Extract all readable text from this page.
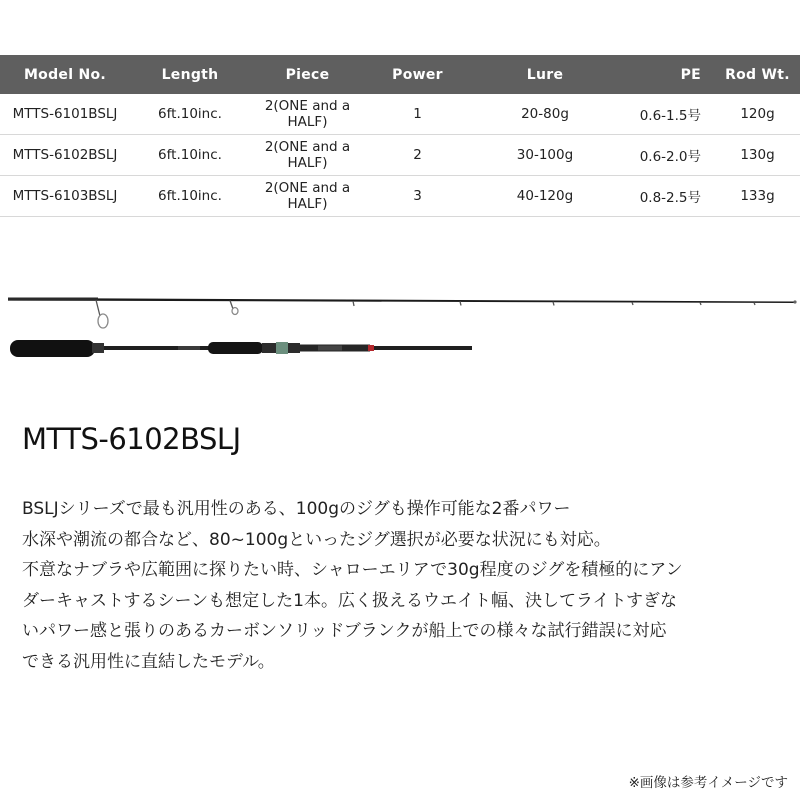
Model No.	Length	Piece	Power	Lure	PE	Rod Wt.
MTTS-6101BSLJ	6ft.10inc.	2(ONE and a HALF)	1	20-80g	0.6-1.5号	120g
MTTS-6102BSLJ	6ft.10inc.	2(ONE and a HALF)	2	30-100g	0.6-2.0号	130g
MTTS-6103BSLJ	6ft.10inc.	2(ONE and a HALF)	3	40-120g	0.8-2.5号	133g
MTTS-6102BSLJ

BSLJシリーズで最も汎用性のある、100gのジグも操作可能な2番パワー

水深や潮流の都合など、80~100gといったジグ選択が必要な状況にも対応。

不意なナブラや広範囲に探りたい時、シャローエリアで30g程度のジグを積極的にアン

ダーキャストするシーンも想定した1本。広く扱えるウエイト幅、決してライトすぎな

いパワー感と張りのあるカーボンソリッドブランクが船上での様々な試行錯誤に対応

できる汎用性に直結したモデル。

※画像は参考イメージです
